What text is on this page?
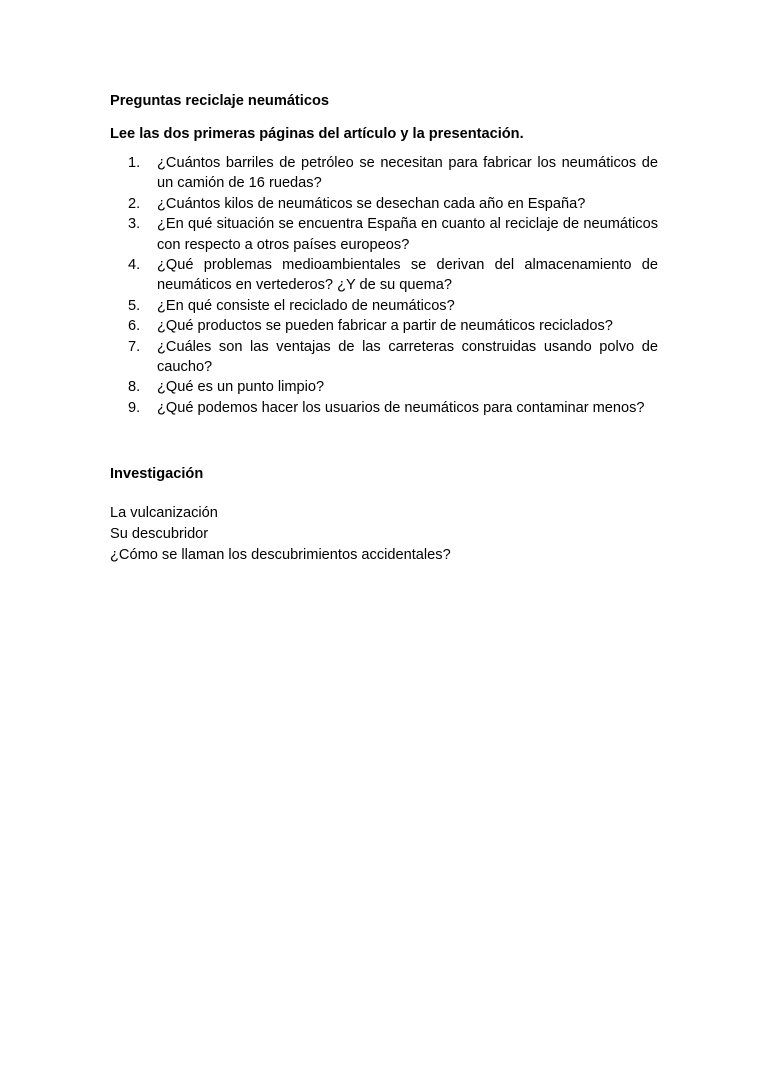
Preguntas reciclaje neumáticos

Lee las dos primeras páginas del artículo y la presentación.

1. ¿Cuántos barriles de petróleo se necesitan para fabricar los neumáticos de un camión de 16 ruedas?
2. ¿Cuántos kilos de neumáticos se desechan cada año en España?
3. ¿En qué situación se encuentra España en cuanto al reciclaje de neumáticos con respecto a otros países europeos?
4. ¿Qué problemas medioambientales se derivan del almacenamiento de neumáticos en vertederos? ¿Y de su quema?
5. ¿En qué consiste el reciclado de neumáticos?
6. ¿Qué productos se pueden fabricar a partir de neumáticos reciclados?
7. ¿Cuáles son las ventajas de las carreteras construidas usando polvo de caucho?
8. ¿Qué es un punto limpio?
9. ¿Qué podemos hacer los usuarios de neumáticos para contaminar menos?

Investigación

La vulcanización

Su descubridor

¿Cómo se llaman los descubrimientos accidentales?
